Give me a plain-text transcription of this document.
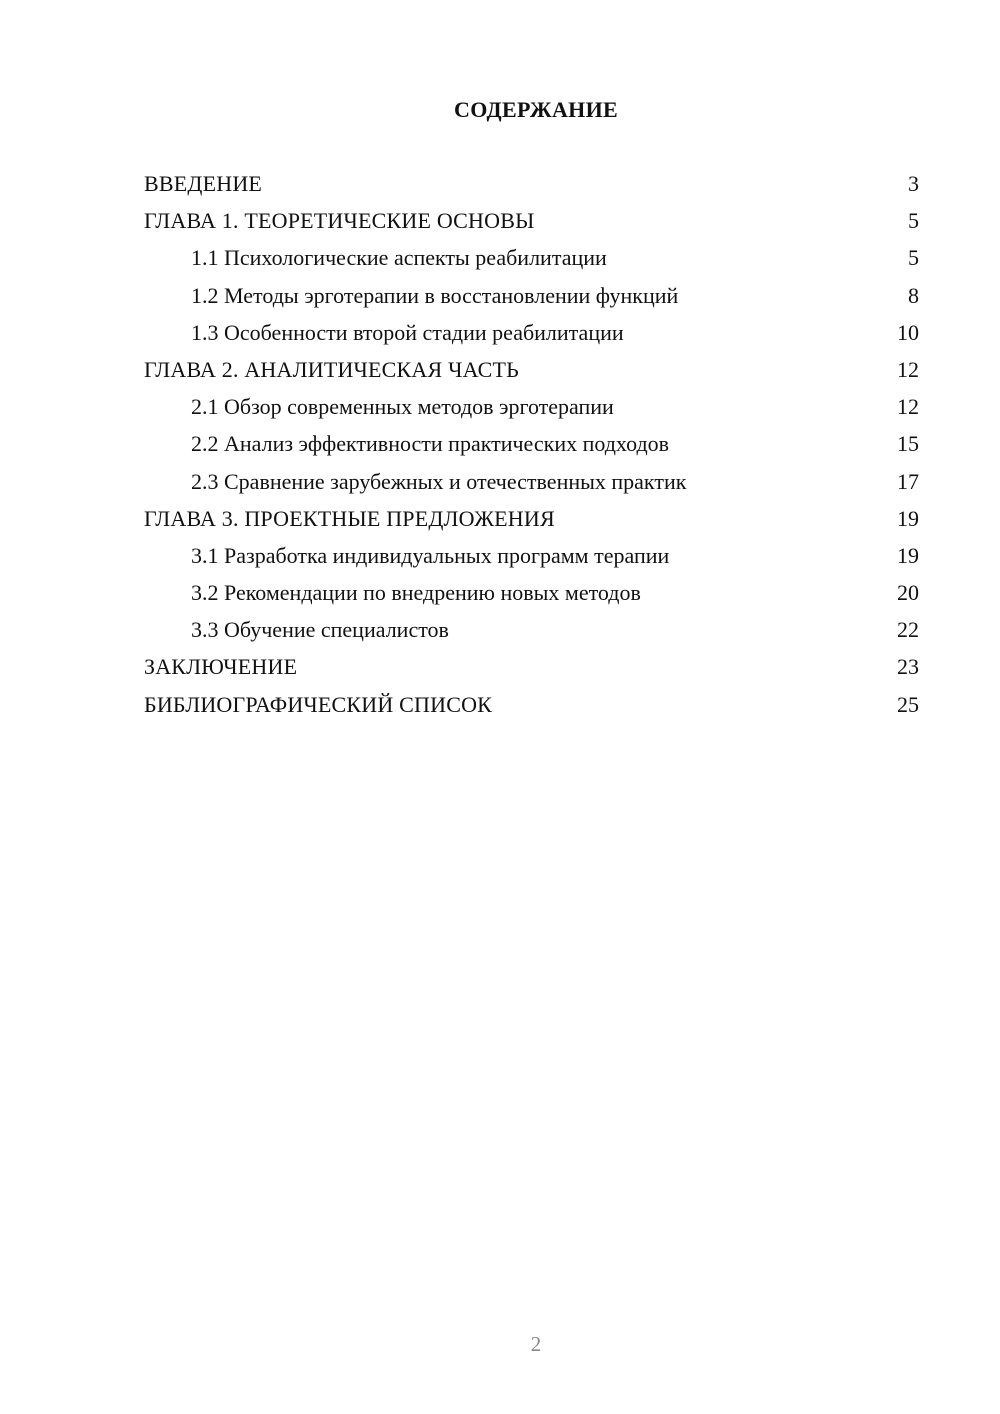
СОДЕРЖАНИЕ
ВВЕДЕНИЕ	3
ГЛАВА 1. ТЕОРЕТИЧЕСКИЕ ОСНОВЫ	5
1.1 Психологические аспекты реабилитации	5
1.2 Методы эрготерапии в восстановлении функций	8
1.3 Особенности второй стадии реабилитации	10
ГЛАВА 2. АНАЛИТИЧЕСКАЯ ЧАСТЬ	12
2.1 Обзор современных методов эрготерапии	12
2.2 Анализ эффективности практических подходов	15
2.3 Сравнение зарубежных и отечественных практик	17
ГЛАВА 3. ПРОЕКТНЫЕ ПРЕДЛОЖЕНИЯ	19
3.1 Разработка индивидуальных программ терапии	19
3.2 Рекомендации по внедрению новых методов	20
3.3 Обучение специалистов	22
ЗАКЛЮЧЕНИЕ	23
БИБЛИОГРАФИЧЕСКИЙ СПИСОК	25
2
